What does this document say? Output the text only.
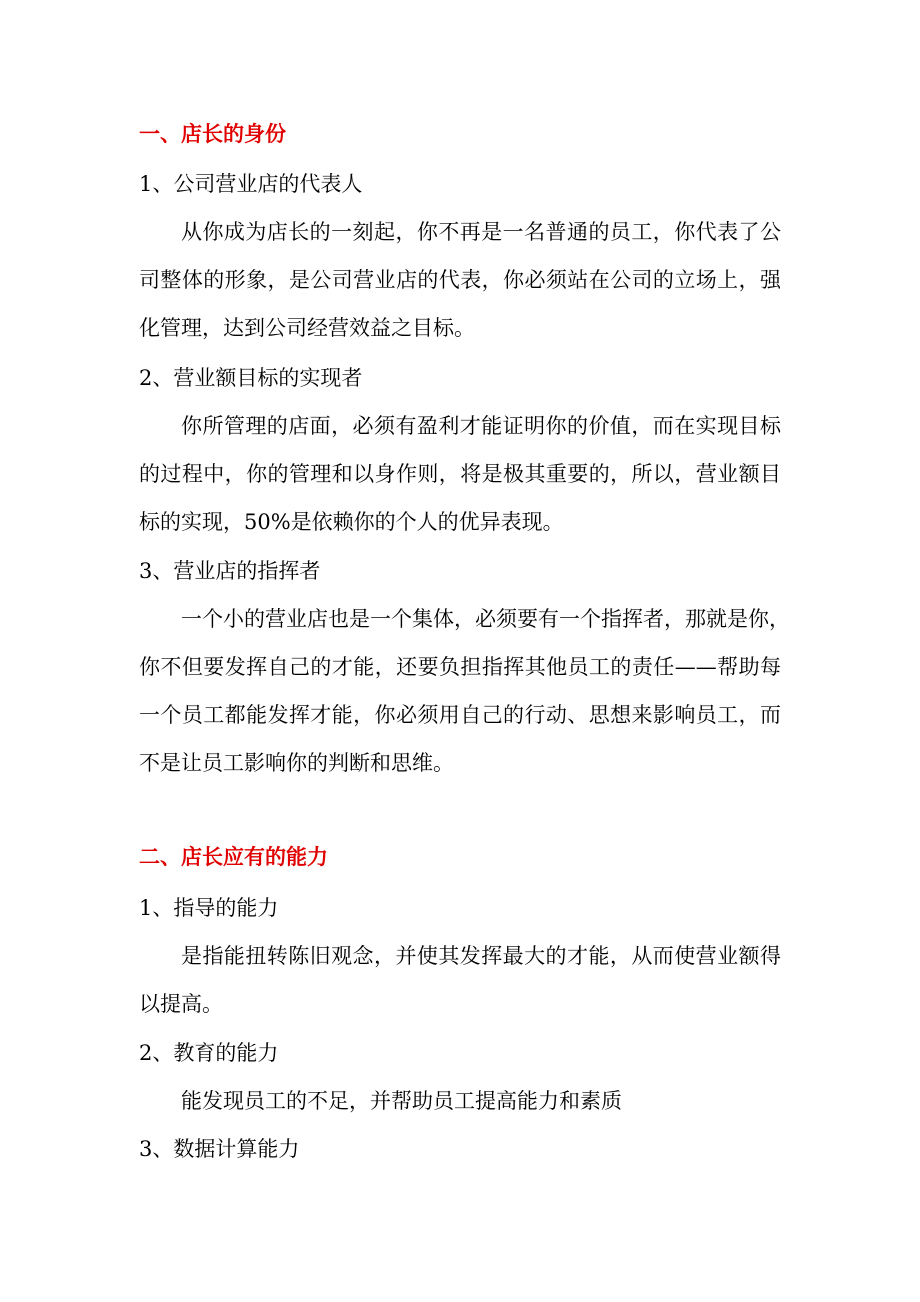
一、店长的身份
1、公司营业店的代表人
从你成为店长的一刻起，你不再是一名普通的员工，你代表了公
司整体的形象，是公司营业店的代表，你必须站在公司的立场上，强
化管理，达到公司经营效益之目标。
2、营业额目标的实现者
你所管理的店面，必须有盈利才能证明你的价值，而在实现目标
的过程中，你的管理和以身作则，将是极其重要的，所以，营业额目
标的实现，50%是依赖你的个人的优异表现。
3、营业店的指挥者
一个小的营业店也是一个集体，必须要有一个指挥者，那就是你，
你不但要发挥自己的才能，还要负担指挥其他员工的责任——帮助每
一个员工都能发挥才能，你必须用自己的行动、思想来影响员工，而
不是让员工影响你的判断和思维。
二、店长应有的能力
1、指导的能力
是指能扭转陈旧观念，并使其发挥最大的才能，从而使营业额得
以提高。
2、教育的能力
能发现员工的不足，并帮助员工提高能力和素质
3、数据计算能力
